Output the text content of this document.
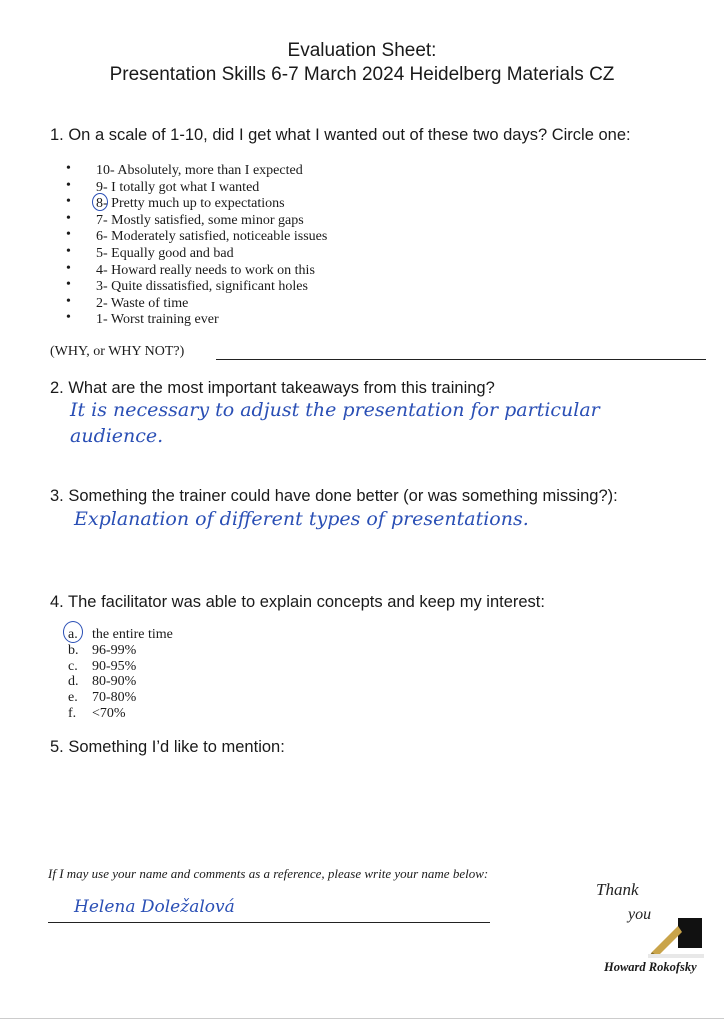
Evaluation Sheet:
Presentation Skills 6-7 March 2024 Heidelberg Materials CZ
1. On a scale of 1-10, did I get what I wanted out of these two days? Circle one:
• 10- Absolutely, more than I expected
• 9- I totally got what I wanted
• 8- Pretty much up to expectations
• 7- Mostly satisfied, some minor gaps
• 6- Moderately satisfied, noticeable issues
• 5- Equally good and bad
• 4- Howard really needs to work on this
• 3- Quite dissatisfied, significant holes
• 2- Waste of time
• 1- Worst training ever
(WHY, or WHY NOT?)
2. What are the most important takeaways from this training?
It is necessary to adjust the presentation for particular
audience.
3. Something the trainer could have done better (or was something missing?):
Explanation of different types of presentations.
4. The facilitator was able to explain concepts and keep my interest:
a. the entire time
b. 96-99%
c. 90-95%
d. 80-90%
e. 70-80%
f. <70%
5. Something I’d like to mention:
If I may use your name and comments as a reference, please write your name below:
Helena Doležalová
Thank
you
Howard Rokofsky
